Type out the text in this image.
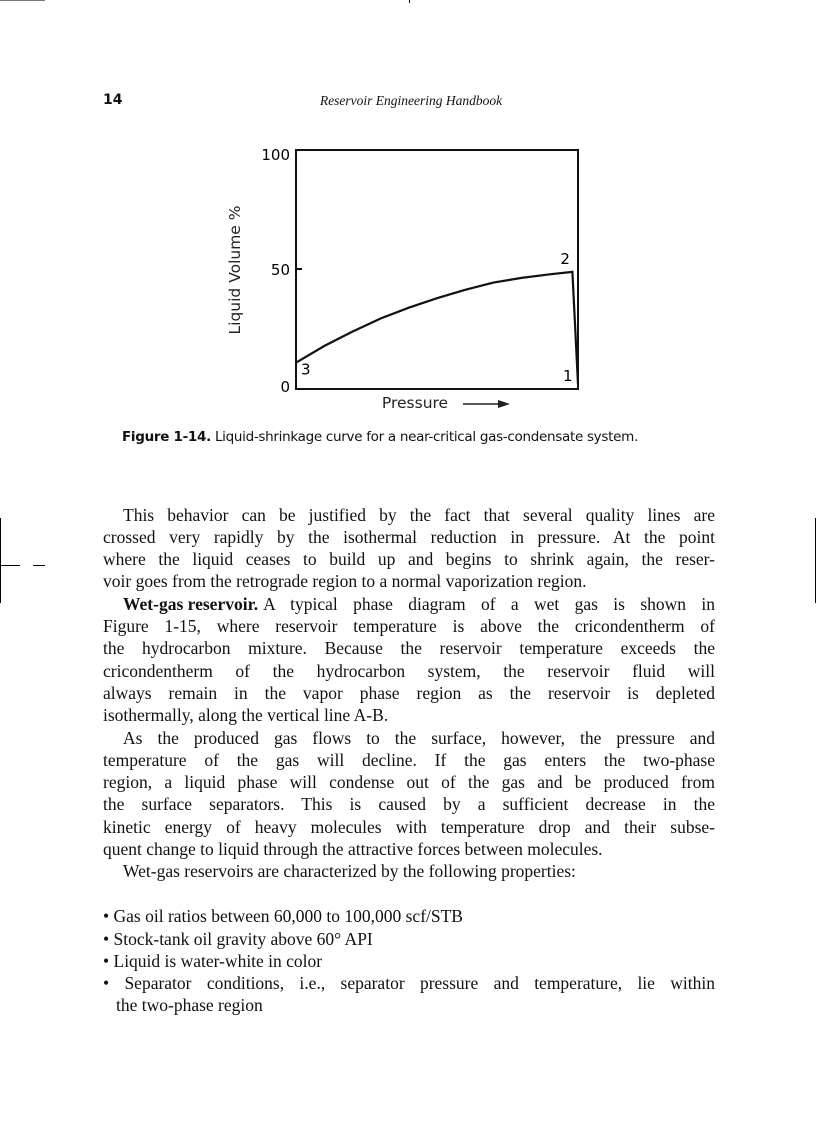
14	Reservoir Engineering Handbook
100
50
0
Liquid Volume %
Pressure
3
2
1
Figure 1-14. Liquid-shrinkage curve for a near-critical gas-condensate system.
This behavior can be justified by the fact that several quality lines are
crossed very rapidly by the isothermal reduction in pressure. At the point
where the liquid ceases to build up and begins to shrink again, the reser-
voir goes from the retrograde region to a normal vaporization region.
Wet-gas reservoir. A typical phase diagram of a wet gas is shown in
Figure 1-15, where reservoir temperature is above the cricondentherm of
the hydrocarbon mixture. Because the reservoir temperature exceeds the
cricondentherm of the hydrocarbon system, the reservoir fluid will
always remain in the vapor phase region as the reservoir is depleted
isothermally, along the vertical line A-B.
As the produced gas flows to the surface, however, the pressure and
temperature of the gas will decline. If the gas enters the two-phase
region, a liquid phase will condense out of the gas and be produced from
the surface separators. This is caused by a sufficient decrease in the
kinetic energy of heavy molecules with temperature drop and their subse-
quent change to liquid through the attractive forces between molecules.
Wet-gas reservoirs are characterized by the following properties:
• Gas oil ratios between 60,000 to 100,000 scf/STB
• Stock-tank oil gravity above 60° API
• Liquid is water-white in color
• Separator conditions, i.e., separator pressure and temperature, lie within
the two-phase region
